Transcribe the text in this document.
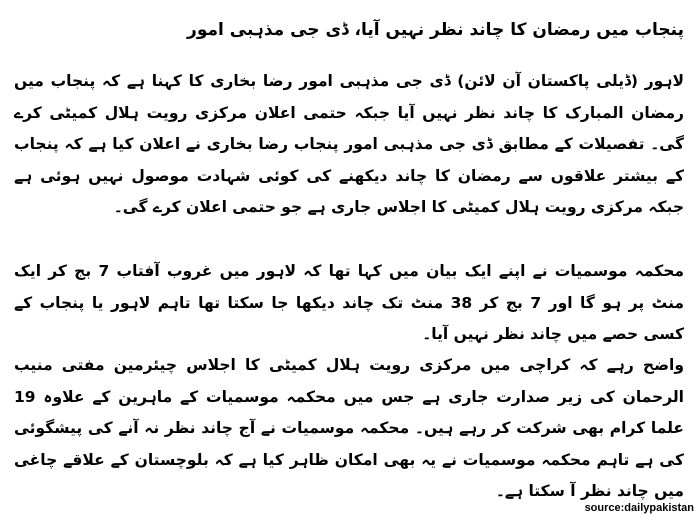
پنجاب میں رمضان کا چاند نظر نہیں آیا، ڈی جی مذہبی امور

لاہور (ڈیلی پاکستان آن لائن) ڈی جی مذہبی امور رضا بخاری کا کہنا ہے کہ پنجاب میں رمضان المبارک کا چاند نظر نہیں آیا جبکہ حتمی اعلان مرکزی رویت ہلال کمیٹی کرے گی۔ تفصیلات کے مطابق ڈی جی مذہبی امور پنجاب رضا بخاری نے اعلان کیا ہے کہ پنجاب کے بیشتر علاقوں سے رمضان کا چاند دیکھنے کی کوئی شہادت موصول نہیں ہوئی ہے جبکہ مرکزی رویت ہلال کمیٹی کا اجلاس جاری ہے جو حتمی اعلان کرے گی۔

محکمہ موسمیات نے اپنے ایک بیان میں کہا تھا کہ لاہور میں غروب آفتاب 7 بج کر ایک منٹ پر ہو گا اور 7 بج کر 38 منٹ تک چاند دیکھا جا سکتا تھا تاہم لاہور یا پنجاب کے کسی حصے میں چاند نظر نہیں آیا۔

واضح رہے کہ کراچی میں مرکزی رویت ہلال کمیٹی کا اجلاس چیئرمین مفتی منیب الرحمان کی زیر صدارت جاری ہے جس میں محکمہ موسمیات کے ماہرین کے علاوہ 19 علما کرام بھی شرکت کر رہے ہیں۔ محکمہ موسمیات نے آج چاند نظر نہ آنے کی پیشگوئی کی ہے تاہم محکمہ موسمیات نے یہ بھی امکان ظاہر کیا ہے کہ بلوچستان کے علاقے چاغی میں چاند نظر آ سکتا ہے۔

source:dailypakistan
